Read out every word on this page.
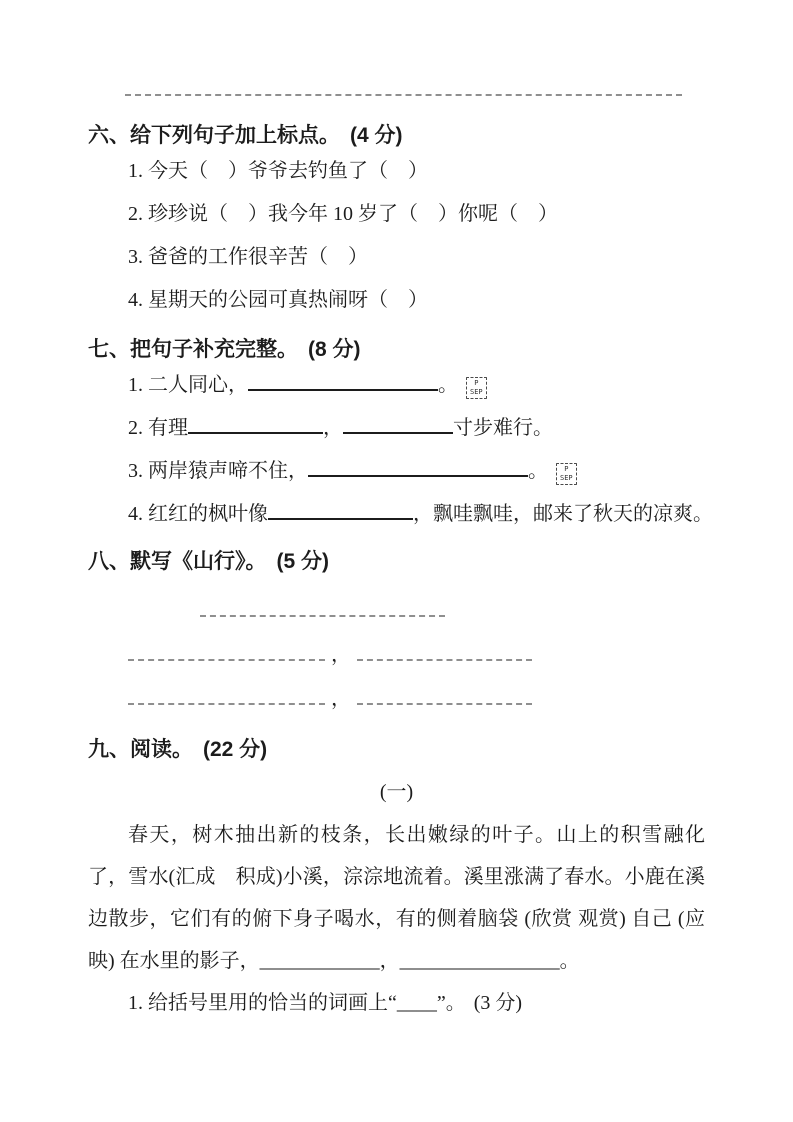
六、给下列句子加上标点。 (4 分)
1. 今天（　）爷爷去钓鱼了（　）
2. 珍珍说（　）我今年 10 岁了（　）你呢（　）
3. 爸爸的工作很辛苦（　）
4. 星期天的公园可真热闹呀（　）
七、把句子补充完整。 (8 分)
1. 二人同心，	。	P
SEP
2. 有理	，	寸步难行。
3. 两岸猿声啼不住，	。	P
SEP
4. 红红的枫叶像	，飘哇飘哇，邮来了秋天的凉爽。
八、默写《山行》。 (5 分)
，
，
九、阅读。 (22 分)
(一)
春天，树木抽出新的枝条，长出嫩绿的叶子。山上的积雪融化了，雪水(汇成　积成)小溪，淙淙地流着。溪里涨满了春水。小鹿在溪边散步，它们有的俯下身子喝水，有的侧着脑袋 (欣赏 观赏) 自己 (应　映) 在水里的影子，____________，________________。
1. 给括号里用的恰当的词画上“____”。 (3 分)
